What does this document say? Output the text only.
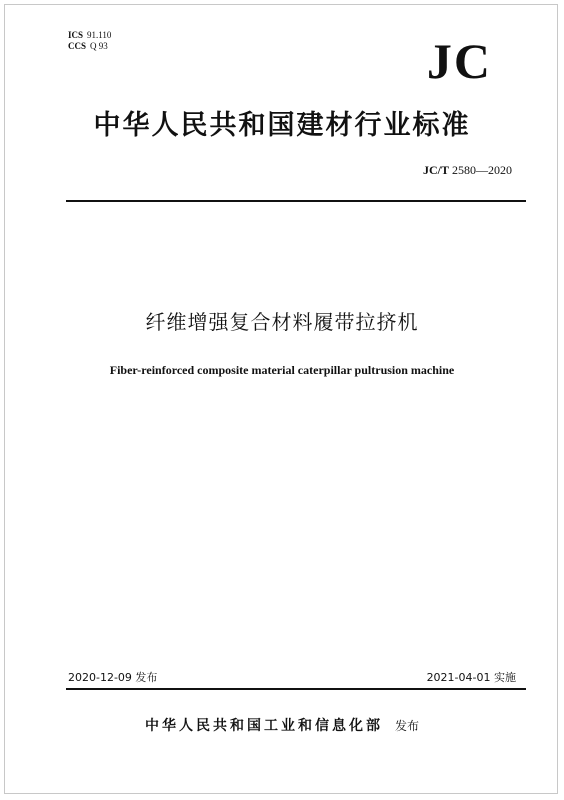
ICS 91.110
CCS Q 93	JC
中华人民共和国建材行业标准
JC/T 2580—2020
纤维增强复合材料履带拉挤机
Fiber-reinforced composite material caterpillar pultrusion machine
2020-12-09 发布	2021-04-01 实施
中华人民共和国工业和信息化部 发布
